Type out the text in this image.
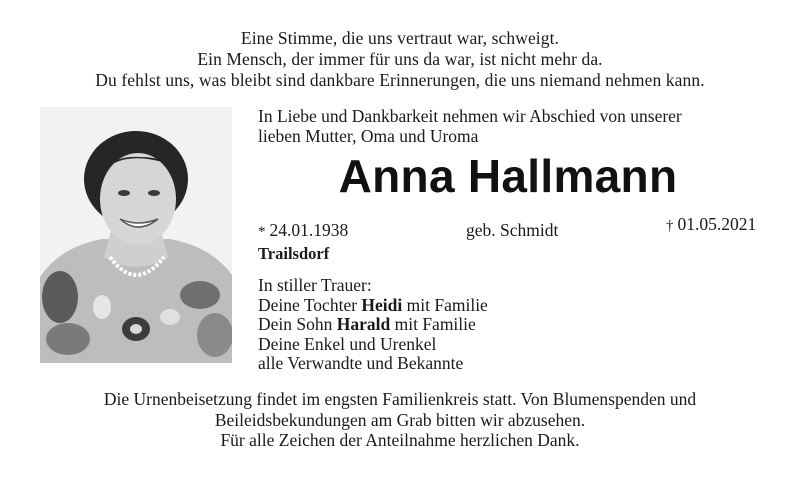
Eine Stimme, die uns vertraut war, schweigt.
Ein Mensch, der immer für uns da war, ist nicht mehr da.
Du fehlst uns, was bleibt sind dankbare Erinnerungen, die uns niemand nehmen kann.
In Liebe und Dankbarkeit nehmen wir Abschied von unserer
lieben Mutter, Oma und Uroma
Anna Hallmann
* 24.01.1938	geb. Schmidt	† 01.05.2021
Trailsdorf
In stiller Trauer:
Deine Tochter Heidi mit Familie
Dein Sohn Harald mit Familie
Deine Enkel und Urenkel
alle Verwandte und Bekannte
Die Urnenbeisetzung findet im engsten Familienkreis statt. Von Blumenspenden und
Beileidsbekundungen am Grab bitten wir abzusehen.
Für alle Zeichen der Anteilnahme herzlichen Dank.
